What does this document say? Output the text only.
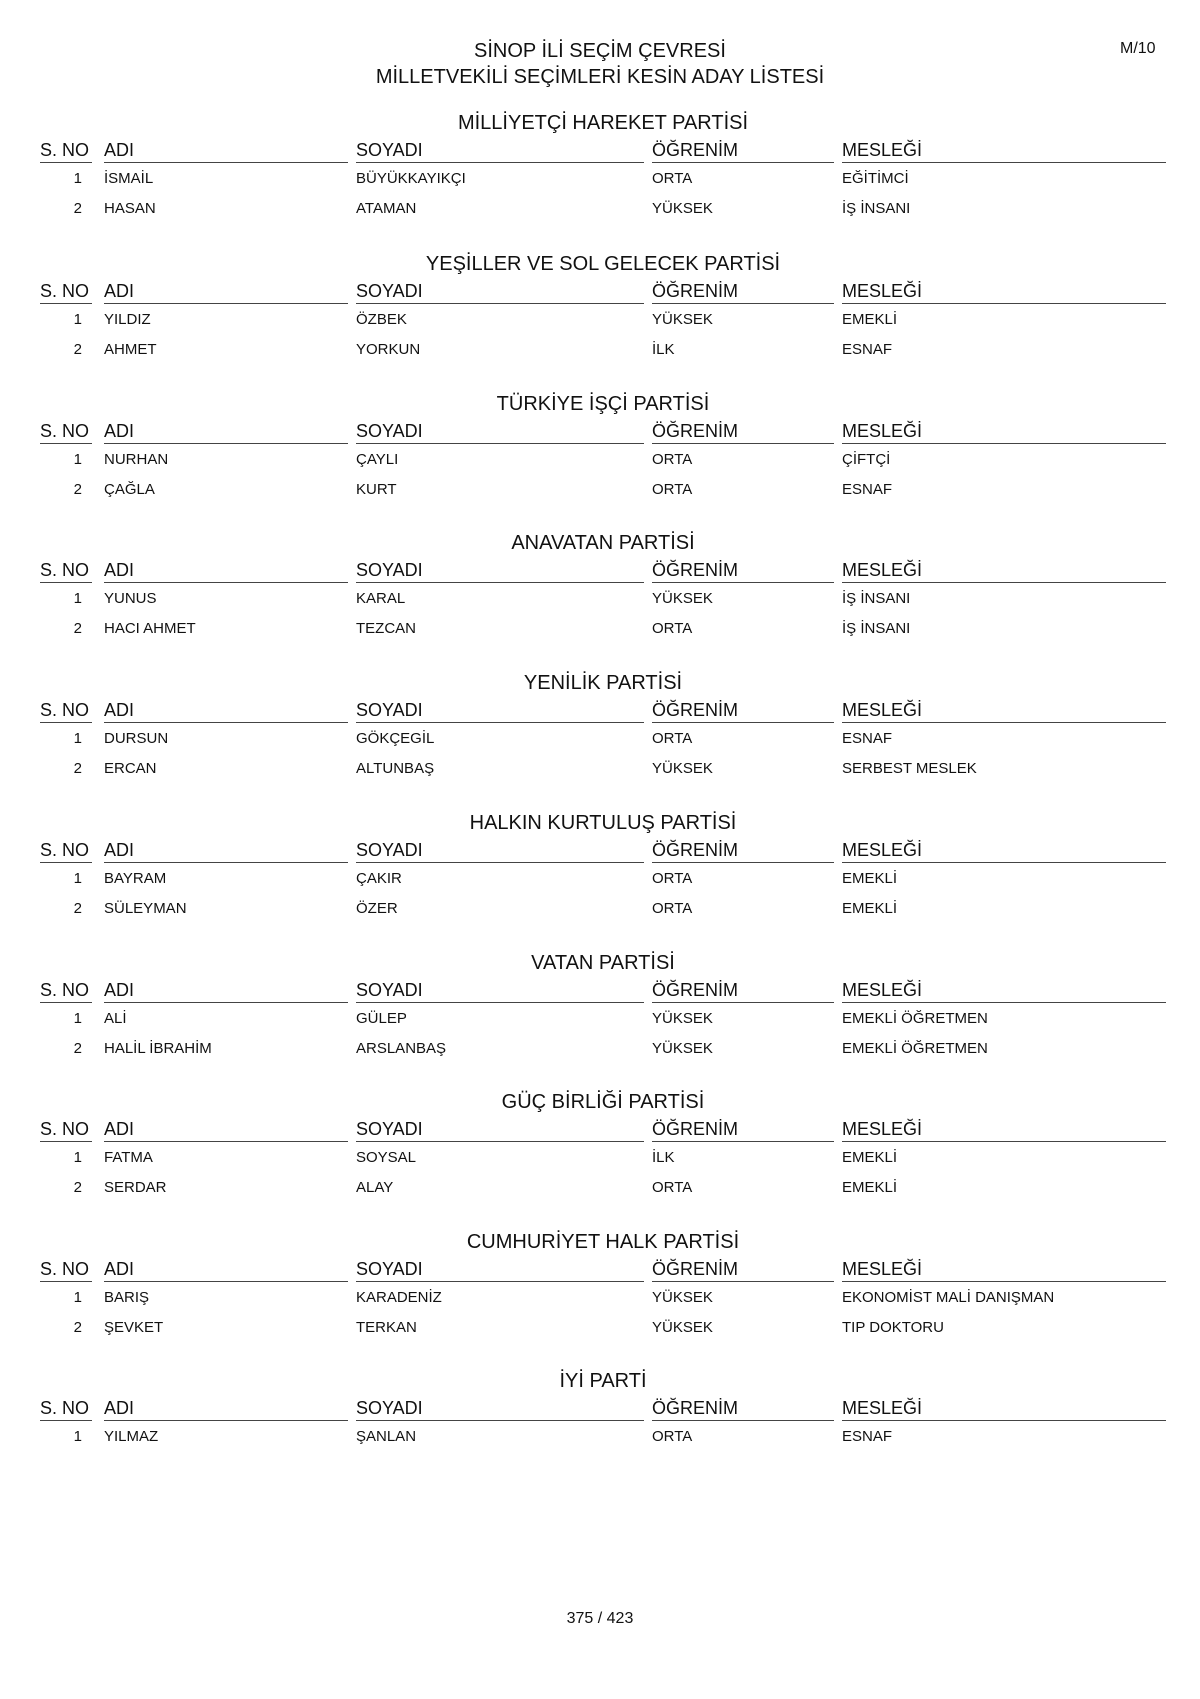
SİNOP İLİ SEÇİM ÇEVRESİ
MİLLETVEKİLİ SEÇİMLERİ KESİN ADAY LİSTESİ
M/10
MİLLİYETÇİ HAREKET PARTİSİ
S. NO ADI	SOYADI	ÖĞRENİM	MESLEĞİ
1 İSMAİL	BÜYÜKKAYIKÇI	ORTA	EĞİTİMCİ
2 HASAN	ATAMAN	YÜKSEK	İŞ İNSANI
YEŞİLLER VE SOL GELECEK PARTİSİ
S. NO ADI	SOYADI	ÖĞRENİM	MESLEĞİ
1 YILDIZ	ÖZBEK	YÜKSEK	EMEKLİ
2 AHMET	YORKUN	İLK	ESNAF
TÜRKİYE İŞÇİ PARTİSİ
S. NO ADI	SOYADI	ÖĞRENİM	MESLEĞİ
1 NURHAN	ÇAYLI	ORTA	ÇİFTÇİ
2 ÇAĞLA	KURT	ORTA	ESNAF
ANAVATAN PARTİSİ
S. NO ADI	SOYADI	ÖĞRENİM	MESLEĞİ
1 YUNUS	KARAL	YÜKSEK	İŞ İNSANI
2 HACI AHMET	TEZCAN	ORTA	İŞ İNSANI
YENİLİK PARTİSİ
S. NO ADI	SOYADI	ÖĞRENİM	MESLEĞİ
1 DURSUN	GÖKÇEGİL	ORTA	ESNAF
2 ERCAN	ALTUNBAŞ	YÜKSEK	SERBEST MESLEK
HALKIN KURTULUŞ PARTİSİ
S. NO ADI	SOYADI	ÖĞRENİM	MESLEĞİ
1 BAYRAM	ÇAKIR	ORTA	EMEKLİ
2 SÜLEYMAN	ÖZER	ORTA	EMEKLİ
VATAN PARTİSİ
S. NO ADI	SOYADI	ÖĞRENİM	MESLEĞİ
1 ALİ	GÜLEP	YÜKSEK	EMEKLİ ÖĞRETMEN
2 HALİL İBRAHİM	ARSLANBAŞ	YÜKSEK	EMEKLİ ÖĞRETMEN
GÜÇ BİRLİĞİ PARTİSİ
S. NO ADI	SOYADI	ÖĞRENİM	MESLEĞİ
1 FATMA	SOYSAL	İLK	EMEKLİ
2 SERDAR	ALAY	ORTA	EMEKLİ
CUMHURİYET HALK PARTİSİ
S. NO ADI	SOYADI	ÖĞRENİM	MESLEĞİ
1 BARIŞ	KARADENİZ	YÜKSEK	EKONOMİST MALİ DANIŞMAN
2 ŞEVKET	TERKAN	YÜKSEK	TIP DOKTORU
İYİ PARTİ
S. NO ADI	SOYADI	ÖĞRENİM	MESLEĞİ
1 YILMAZ	ŞANLAN	ORTA	ESNAF
375 / 423
